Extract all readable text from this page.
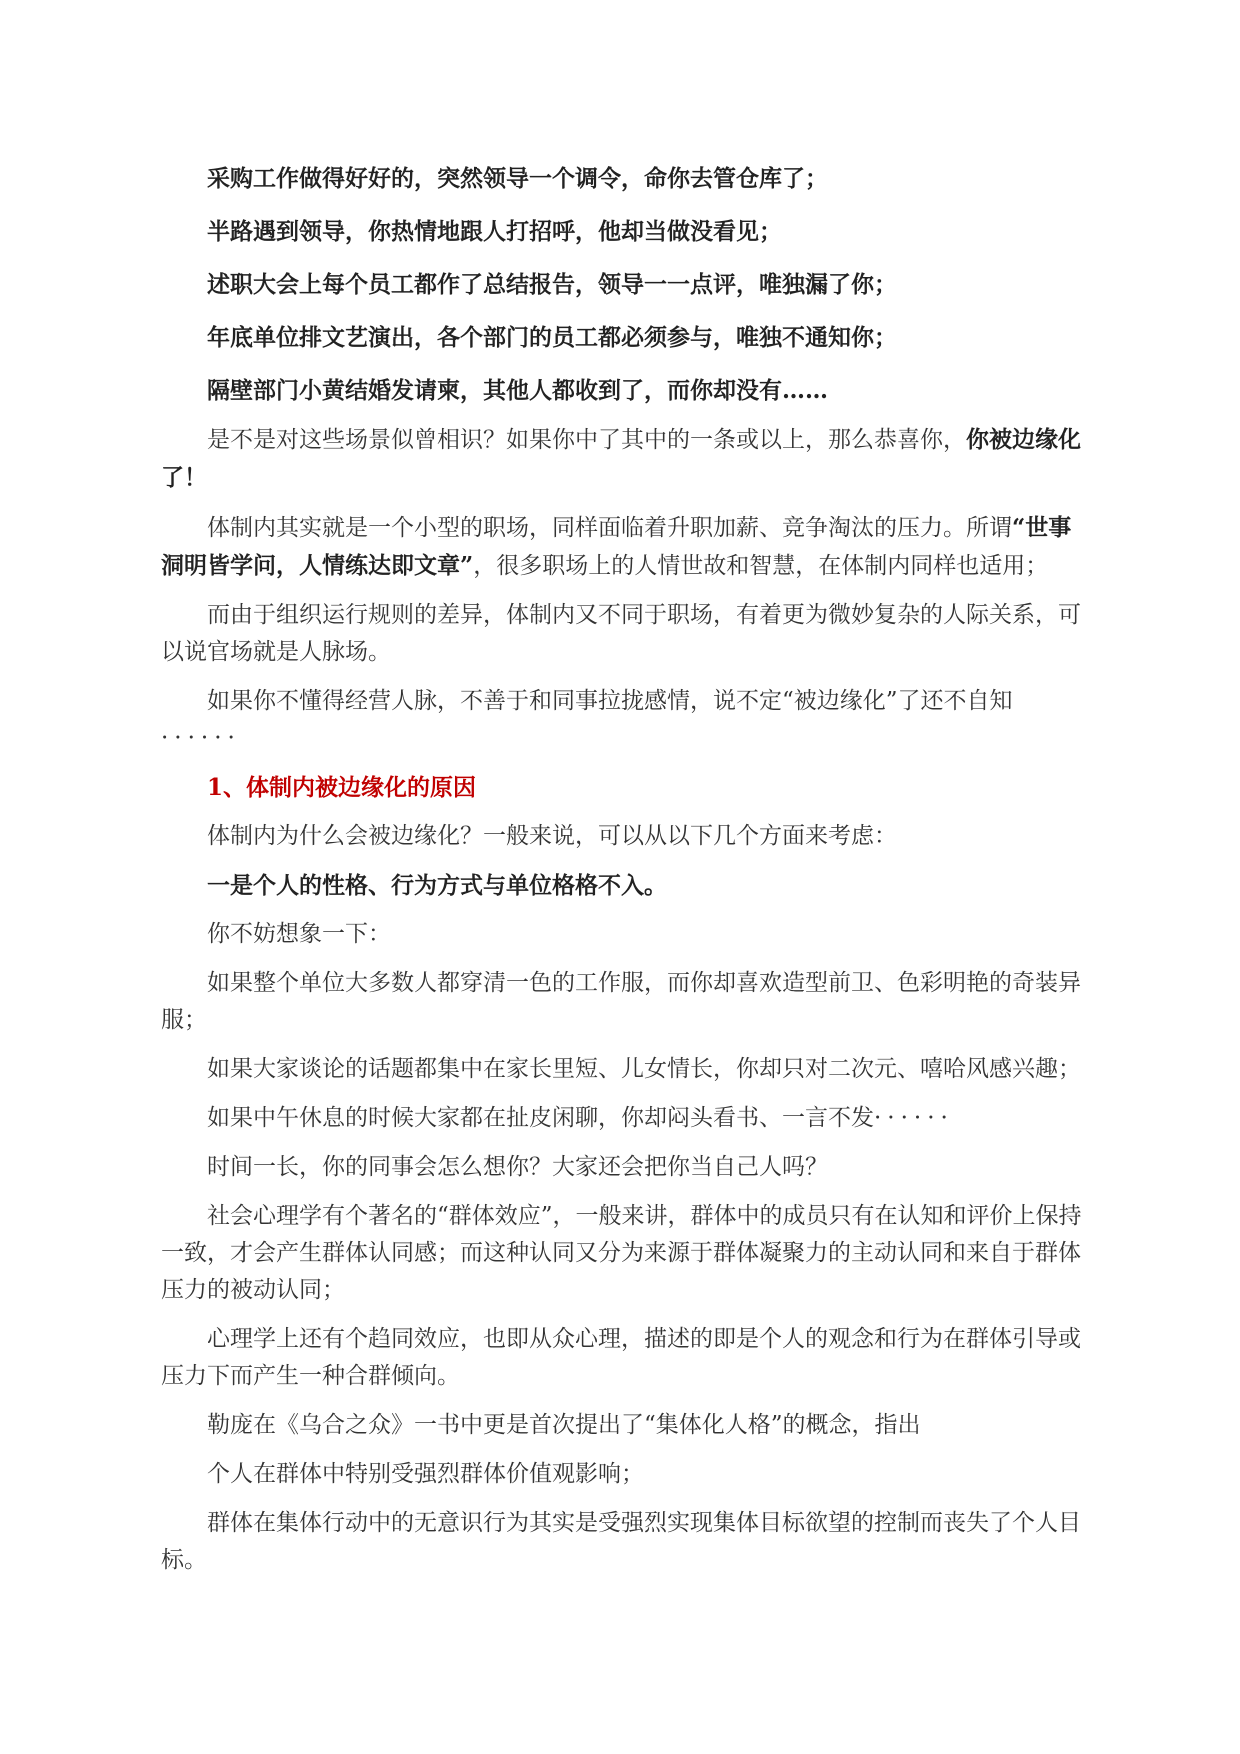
采购工作做得好好的，突然领导一个调令，命你去管仓库了；

半路遇到领导，你热情地跟人打招呼，他却当做没看见；

述职大会上每个员工都作了总结报告，领导一一点评，唯独漏了你；

年底单位排文艺演出，各个部门的员工都必须参与，唯独不通知你；

隔壁部门小黄结婚发请柬，其他人都收到了，而你却没有……

是不是对这些场景似曾相识？如果你中了其中的一条或以上，那么恭喜你，你被边缘化了！

体制内其实就是一个小型的职场，同样面临着升职加薪、竞争淘汰的压力。所谓“世事洞明皆学问，人情练达即文章”，很多职场上的人情世故和智慧，在体制内同样也适用；

而由于组织运行规则的差异，体制内又不同于职场，有着更为微妙复杂的人际关系，可以说官场就是人脉场。

如果你不懂得经营人脉，不善于和同事拉拢感情，说不定“被边缘化”了还不自知······

1、体制内被边缘化的原因

体制内为什么会被边缘化？一般来说，可以从以下几个方面来考虑：

一是个人的性格、行为方式与单位格格不入。

你不妨想象一下：

如果整个单位大多数人都穿清一色的工作服，而你却喜欢造型前卫、色彩明艳的奇装异服；

如果大家谈论的话题都集中在家长里短、儿女情长，你却只对二次元、嘻哈风感兴趣；

如果中午休息的时候大家都在扯皮闲聊，你却闷头看书、一言不发······

时间一长，你的同事会怎么想你？大家还会把你当自己人吗？

社会心理学有个著名的“群体效应”，一般来讲，群体中的成员只有在认知和评价上保持一致，才会产生群体认同感；而这种认同又分为来源于群体凝聚力的主动认同和来自于群体压力的被动认同；

心理学上还有个趋同效应，也即从众心理，描述的即是个人的观念和行为在群体引导或压力下而产生一种合群倾向。

勒庞在《乌合之众》一书中更是首次提出了“集体化人格”的概念，指出

个人在群体中特别受强烈群体价值观影响；

群体在集体行动中的无意识行为其实是受强烈实现集体目标欲望的控制而丧失了个人目标。
